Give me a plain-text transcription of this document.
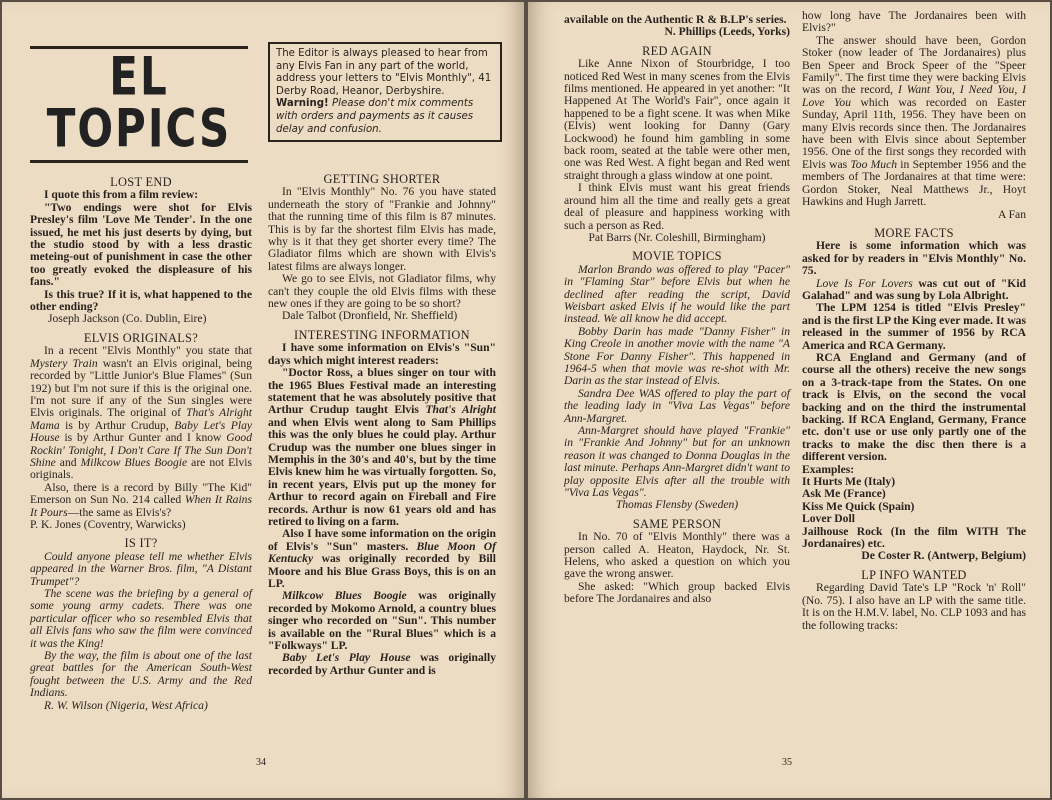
EL
TOPICS
The Editor is always pleased to hear from any Elvis Fan in any part of the world, address your letters to "Elvis Monthly", 41 Derby Road, Heanor, Derbyshire.
Warning! Please don't mix comments with orders and payments as it causes delay and confusion.
LOST END

I quote this from a film review:

"Two endings were shot for Elvis Presley's film 'Love Me Tender'. In the one issued, he met his just deserts by dying, but the studio stood by with a less drastic meteing-out of punishment in case the other too greatly evoked the displeasure of his fans."

Is this true? If it is, what happened to the other ending?

Joseph Jackson (Co. Dublin, Eire)

ELVIS ORIGINALS?

In a recent "Elvis Monthly" you state that Mystery Train wasn't an Elvis original, being recorded by "Little Junior's Blue Flames" (Sun 192) but I'm not sure if this is the original one. I'm not sure if any of the Sun singles were Elvis originals. The original of That's Alright Mama is by Arthur Crudup, Baby Let's Play House is by Arthur Gunter and I know Good Rockin' Tonight, I Don't Care If The Sun Don't Shine and Milkcow Blues Boogie are not Elvis originals.

Also, there is a record by Billy "The Kid" Emerson on Sun No. 214 called When It Rains It Pours—the same as Elvis's?

P. K. Jones (Coventry, Warwicks)

IS IT?

Could anyone please tell me whether Elvis appeared in the Warner Bros. film, "A Distant Trumpet"?

The scene was the briefing by a general of some young army cadets. There was one particular officer who so resembled Elvis that all Elvis fans who saw the film were convinced it was the King!

By the way, the film is about one of the last great battles for the American South-West fought between the U.S. Army and the Red Indians.

R. W. Wilson (Nigeria, West Africa)

GETTING SHORTER

In "Elvis Monthly" No. 76 you have stated underneath the story of "Frankie and Johnny" that the running time of this film is 87 minutes. This is by far the shortest film Elvis has made, why is it that they get shorter every time? The Gladiator films which are shown with Elvis's latest films are always longer.

We go to see Elvis, not Gladiator films, why can't they couple the old Elvis films with these new ones if they are going to be so short?

Dale Talbot (Dronfield, Nr. Sheffield)

INTERESTING INFORMATION

I have some information on Elvis's "Sun" days which might interest readers:

"Doctor Ross, a blues singer on tour with the 1965 Blues Festival made an interesting statement that he was absolutely positive that Arthur Crudup taught Elvis That's Alright and when Elvis went along to Sam Phillips this was the only blues he could play. Arthur Crudup was the number one blues singer in Memphis in the 30's and 40's, but by the time Elvis knew him he was virtually forgotten. So, in recent years, Elvis put up the money for Arthur to record again on Fireball and Fire records. Arthur is now 61 years old and has retired to living on a farm.

Also I have some information on the origin of Elvis's "Sun" masters. Blue Moon Of Kentucky was originally recorded by Bill Moore and his Blue Grass Boys, this is on an LP.

Milkcow Blues Boogie was originally recorded by Mokomo Arnold, a country blues singer who recorded on "Sun". This number is available on the "Rural Blues" which is a "Folkways" LP.

Baby Let's Play House was originally recorded by Arthur Gunter and is

34

available on the Authentic R & B.LP's series.

N. Phillips (Leeds, Yorks)

RED AGAIN

Like Anne Nixon of Stourbridge, I too noticed Red West in many scenes from the Elvis films mentioned. He appeared in yet another: "It Happened At The World's Fair", once again it happened to be a fight scene. It was when Mike (Elvis) went looking for Danny (Gary Lockwood) he found him gambling in some back room, seated at the table were other men, one was Red West. A fight began and Red went straight through a glass window at one point.

I think Elvis must want his great friends around him all the time and really gets a great deal of pleasure and happiness working with such a person as Red.

Pat Barrs (Nr. Coleshill, Birmingham)

MOVIE TOPICS

Marlon Brando was offered to play "Pacer" in "Flaming Star" before Elvis but when he declined after reading the script, David Weisbart asked Elvis if he would like the part instead. We all know he did accept.

Bobby Darin has made "Danny Fisher" in King Creole in another movie with the name "A Stone For Danny Fisher". This happened in 1964-5 when that movie was re-shot with Mr. Darin as the star instead of Elvis.

Sandra Dee WAS offered to play the part of the leading lady in "Viva Las Vegas" before Ann-Margret.

Ann-Margret should have played "Frankie" in "Frankie And Johnny" but for an unknown reason it was changed to Donna Douglas in the last minute. Perhaps Ann-Margret didn't want to play opposite Elvis after all the trouble with "Viva Las Vegas".

Thomas Flensby (Sweden)

SAME PERSON

In No. 70 of "Elvis Monthly" there was a person called A. Heaton, Haydock, Nr. St. Helens, who asked a question on which you gave the wrong answer.

She asked: "Which group backed Elvis before The Jordanaires and also

how long have The Jordanaires been with Elvis?"

The answer should have been, Gordon Stoker (now leader of The Jordanaires) plus Ben Speer and Brock Speer of the "Speer Family". The first time they were backing Elvis was on the record, I Want You, I Need You, I Love You which was recorded on Easter Sunday, April 11th, 1956. They have been on many Elvis records since then. The Jordanaires have been with Elvis since about September 1956. One of the first songs they recorded with Elvis was Too Much in September 1956 and the members of The Jordanaires at that time were: Gordon Stoker, Neal Matthews Jr., Hoyt Hawkins and Hugh Jarrett.

A Fan

MORE FACTS

Here is some information which was asked for by readers in "Elvis Monthly" No. 75.

Love Is For Lovers was cut out of "Kid Galahad" and was sung by Lola Albright.

The LPM 1254 is titled "Elvis Presley" and is the first LP the King ever made. It was released in the summer of 1956 by RCA America and RCA Germany.

RCA England and Germany (and of course all the others) receive the new songs on a 3-track-tape from the States. On one track is Elvis, on the second the vocal backing and on the third the instrumental backing. If RCA England, Germany, France etc. don't use or use only partly one of the tracks to make the disc then there is a different version.

Examples:

It Hurts Me (Italy)

Ask Me (France)

Kiss Me Quick (Spain)

Lover Doll

Jailhouse Rock (In the film WITH The Jordanaires) etc.

De Coster R. (Antwerp, Belgium)

LP INFO WANTED

Regarding David Tate's LP "Rock 'n' Roll" (No. 75). I also have an LP with the same title. It is on the H.M.V. label, No. CLP 1093 and has the following tracks:

35
